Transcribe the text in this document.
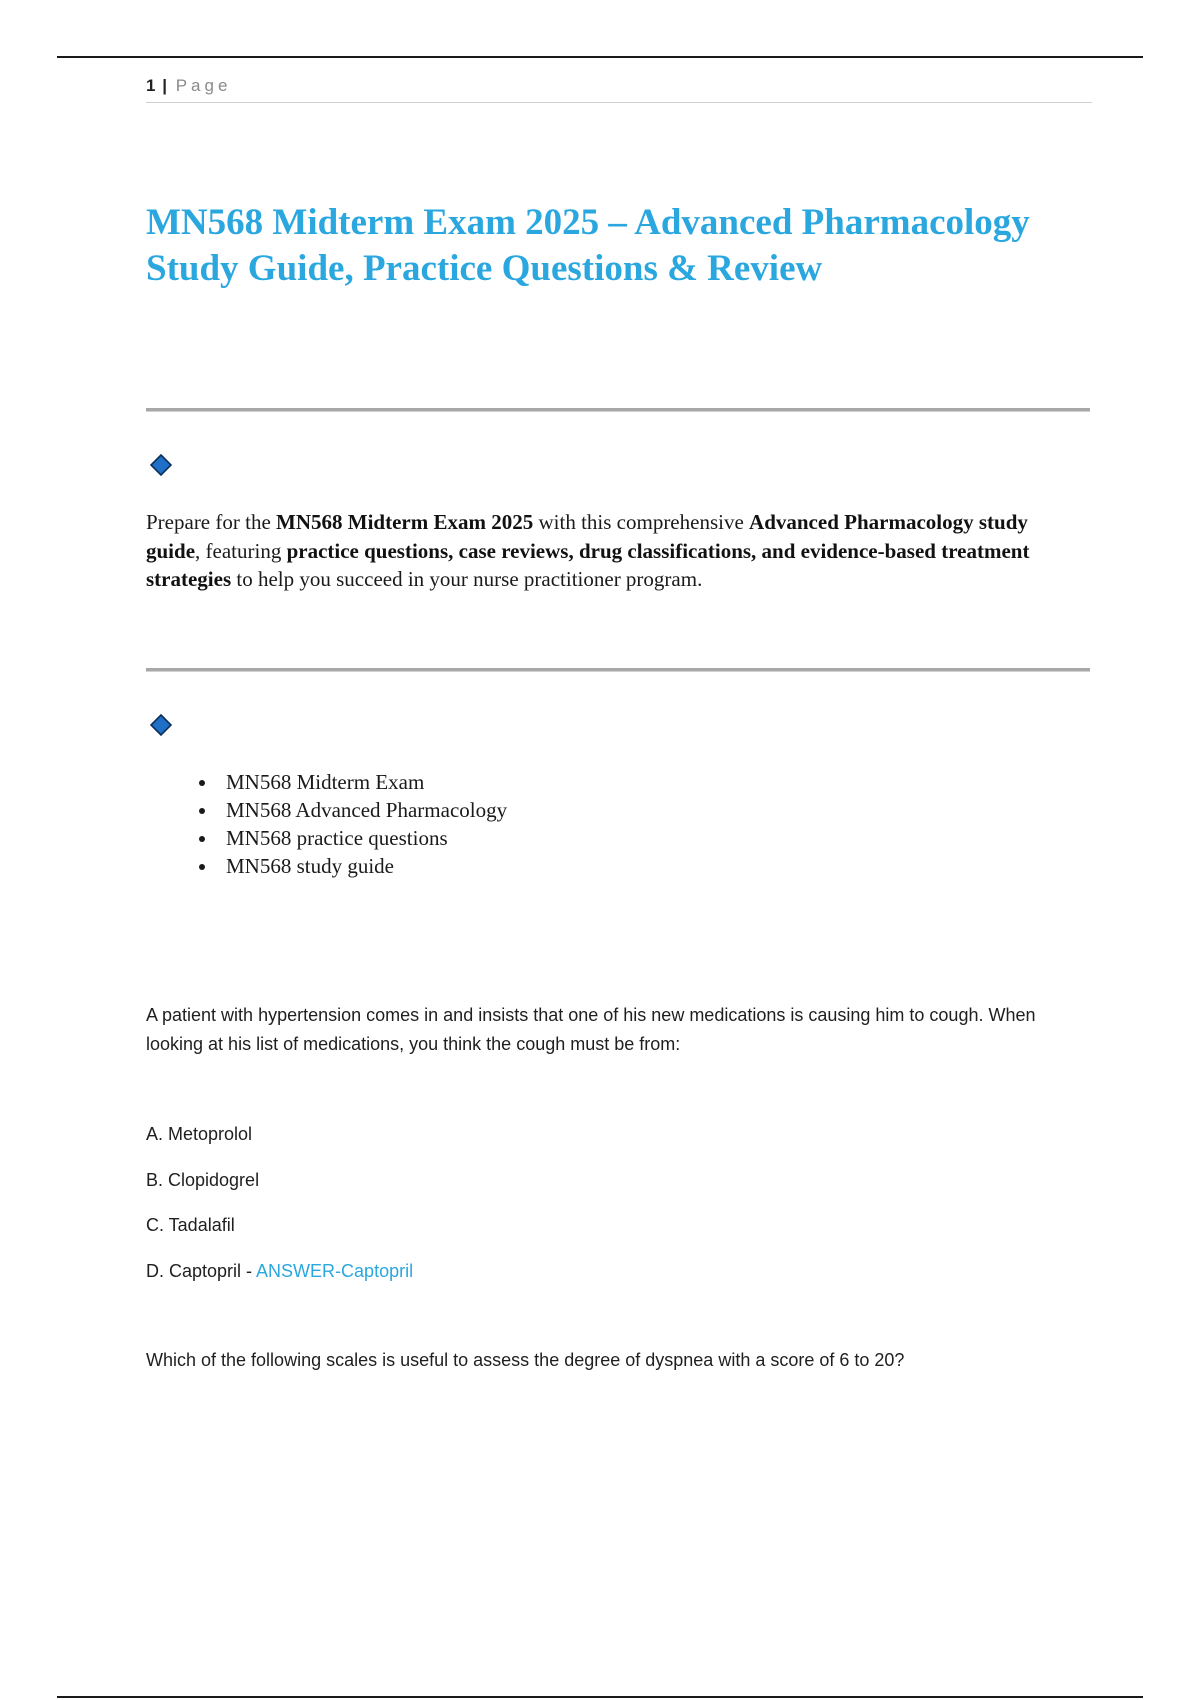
1 | Page
MN568 Midterm Exam 2025 – Advanced Pharmacology Study Guide, Practice Questions & Review

Prepare for the MN568 Midterm Exam 2025 with this comprehensive Advanced Pharmacology study guide, featuring practice questions, case reviews, drug classifications, and evidence-based treatment strategies to help you succeed in your nurse practitioner program.

• MN568 Midterm Exam
• MN568 Advanced Pharmacology
• MN568 practice questions
• MN568 study guide

A patient with hypertension comes in and insists that one of his new medications is causing him to cough. When looking at his list of medications, you think the cough must be from:

A. Metoprolol

B. Clopidogrel

C. Tadalafil

D. Captopril - ANSWER-Captopril

Which of the following scales is useful to assess the degree of dyspnea with a score of 6 to 20?
